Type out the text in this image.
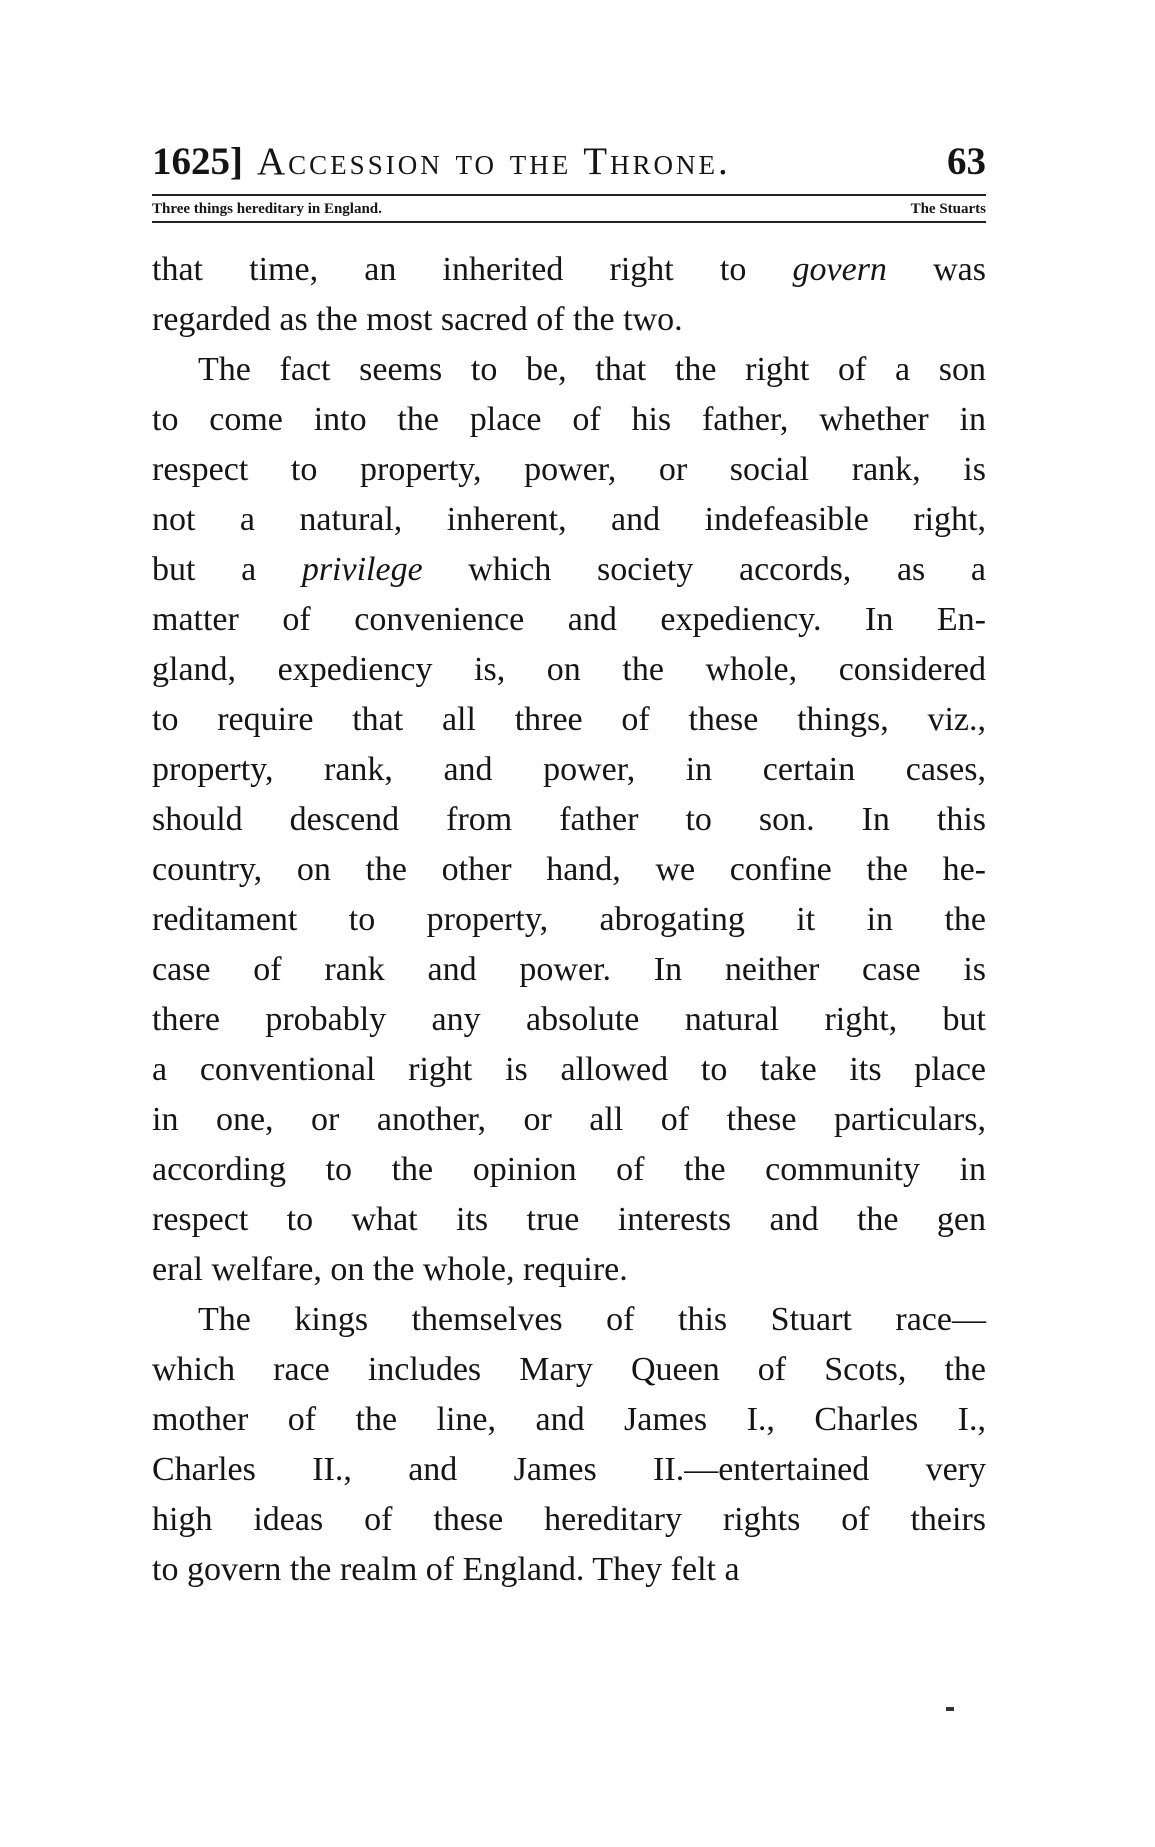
1625] Accession to the Throne.	63
Three things hereditary in England.	The Stuarts

that time, an inherited right to govern was
regarded as the most sacred of the two.

The fact seems to be, that the right of a son
to come into the place of his father, whether in
respect to property, power, or social rank, is
not a natural, inherent, and indefeasible right,
but a privilege which society accords, as a
matter of convenience and expediency. In En-
gland, expediency is, on the whole, considered
to require that all three of these things, viz.,
property, rank, and power, in certain cases,
should descend from father to son. In this
country, on the other hand, we confine the he-
reditament to property, abrogating it in the
case of rank and power. In neither case is
there probably any absolute natural right, but
a conventional right is allowed to take its place
in one, or another, or all of these particulars,
according to the opinion of the community in
respect to what its true interests and the gen
eral welfare, on the whole, require.

The kings themselves of this Stuart race—
which race includes Mary Queen of Scots, the
mother of the line, and James I., Charles I.,
Charles II., and James II.—entertained very
high ideas of these hereditary rights of theirs
to govern the realm of England. They felt a
